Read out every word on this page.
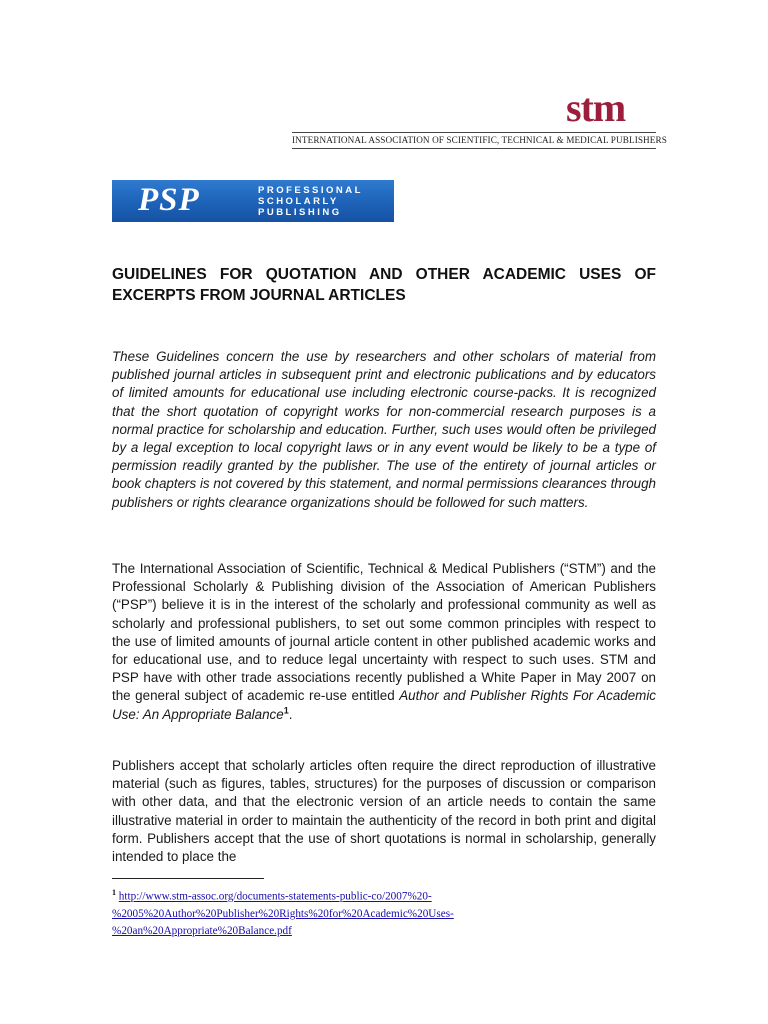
stm
INTERNATIONAL ASSOCIATION OF SCIENTIFIC, TECHNICAL & MEDICAL PUBLISHERS
PSP	PROFESSIONAL
SCHOLARLY
PUBLISHING
GUIDELINES FOR QUOTATION AND OTHER ACADEMIC USES OF EXCERPTS FROM JOURNAL ARTICLES

These Guidelines concern the use by researchers and other scholars of material from published journal articles in subsequent print and electronic publications and by educators of limited amounts for educational use including electronic course-packs. It is recognized that the short quotation of copyright works for non-commercial research purposes is a normal practice for scholarship and education. Further, such uses would often be privileged by a legal exception to local copyright laws or in any event would be likely to be a type of permission readily granted by the publisher. The use of the entirety of journal articles or book chapters is not covered by this statement, and normal permissions clearances through publishers or rights clearance organizations should be followed for such matters.

The International Association of Scientific, Technical & Medical Publishers (“STM”) and the Professional Scholarly & Publishing division of the Association of American Publishers (“PSP”) believe it is in the interest of the scholarly and professional community as well as scholarly and professional publishers, to set out some common principles with respect to the use of limited amounts of journal article content in other published academic works and for educational use, and to reduce legal uncertainty with respect to such uses. STM and PSP have with other trade associations recently published a White Paper in May 2007 on the general subject of academic re-use entitled Author and Publisher Rights For Academic Use: An Appropriate Balance$^1$.

Publishers accept that scholarly articles often require the direct reproduction of illustrative material (such as figures, tables, structures) for the purposes of discussion or comparison with other data, and that the electronic version of an article needs to contain the same illustrative material in order to maintain the authenticity of the record in both print and digital form. Publishers accept that the use of short quotations is normal in scholarship, generally intended to place the

$^1$ http://www.stm-assoc.org/documents-statements-public-co/2007%20-
%2005%20Author%20Publisher%20Rights%20for%20Academic%20Uses-
%20an%20Appropriate%20Balance.pdf
